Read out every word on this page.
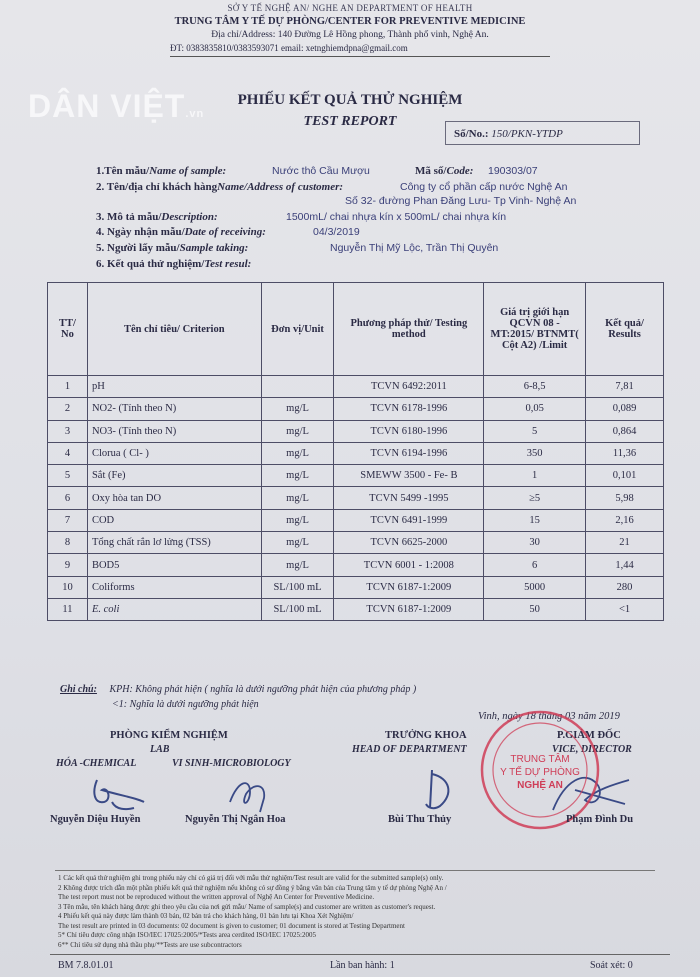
SỞ Y TẾ NGHỆ AN/ NGHE AN DEPARTMENT OF HEALTH
TRUNG TÂM Y TẾ DỰ PHÒNG/CENTER FOR PREVENTIVE MEDICINE
Địa chỉ/Address: 140 Đường Lê Hồng phong, Thành phố vinh, Nghệ An.
ĐT: 0383835810/0383593071 email: xetnghiemdpna@gmail.com
DÂN VIỆT.vn
PHIẾU KẾT QUẢ THỬ NGHIỆM
TEST REPORT
Số/No.: 150/PKN-YTDP
1.Tên mẫu/Name of sample:	Nước thô Cầu Mượu	Mã số/Code: 190303/07
2. Tên/địa chỉ khách hàngName/Address of customer:	Công ty cổ phần cấp nước Nghệ An
Số 32- đường Phan Đăng Lưu- Tp Vinh- Nghệ An
3. Mô tả mẫu/Description:	1500mL/ chai nhựa kín x 500mL/ chai nhựa kín
4. Ngày nhận mẫu/Date of receiving:	04/3/2019
5. Người lấy mẫu/Sample taking:	Nguyễn Thị Mỹ Lộc, Trần Thị Quyên
6. Kết quả thử nghiệm/Test resul:
TT/ No	Tên chỉ tiêu/ Criterion	Đơn vị/Unit	Phương pháp thử/ Testing method	Giá trị giới hạn QCVN 08 - MT:2015/ BTNMT( Cột A2) /Limit	Kết quả/ Results
1	pH		TCVN 6492:2011	6-8,5	7,81
2	NO2- (Tính theo N)	mg/L	TCVN 6178-1996	0,05	0,089
3	NO3- (Tính theo N)	mg/L	TCVN 6180-1996	5	0,864
4	Clorua ( Cl- )	mg/L	TCVN 6194-1996	350	11,36
5	Sắt (Fe)	mg/L	SMEWW 3500 - Fe- B	1	0,101
6	Oxy hòa tan DO	mg/L	TCVN 5499 -1995	≥5	5,98
7	COD	mg/L	TCVN 6491-1999	15	2,16
8	Tổng chất rắn lơ lửng (TSS)	mg/L	TCVN 6625-2000	30	21
9	BOD5	mg/L	TCVN 6001 - 1:2008	6	1,44
10	Coliforms	SL/100 mL	TCVN 6187-1:2009	5000	280
11	E. coli	SL/100 mL	TCVN 6187-1:2009	50	<1
Ghi chú: KPH: Không phát hiện ( nghĩa là dưới ngưỡng phát hiện của phương pháp )
<1: Nghĩa là dưới ngưỡng phát hiện
Vinh, ngày 18 tháng 03 năm 2019
PHÒNG KIỂM NGHIỆM
LAB
HÓA -CHEMICAL	VI SINH-MICROBIOLOGY
TRƯỞNG KHOA
HEAD OF DEPARTMENT
P.GIÁM ĐỐC
VICE, DIRECTOR
TRUNG TÂM
Y TẾ DỰ PHÒNG
NGHỆ AN
Nguyễn Diệu Huyền	Nguyễn Thị Ngân Hoa	Bùi Thu Thủy	Phạm Đình Du
1 Các kết quả thử nghiệm ghi trong phiếu này chỉ có giá trị đối với mẫu thử nghiệm/Test result are valid for the submitted sample(s) only.
2 Không được trích dẫn một phần phiếu kết quả thử nghiệm nếu không có sự đồng ý bằng văn bản của Trung tâm y tế dự phòng Nghệ An /
The test report must not be reproduced without the written approval of Nghệ An Center for Preventive Medicine.
3 Tên mẫu, tên khách hàng được ghi theo yêu cầu của nơi gửi mẫu/ Name of sample(s) and customer are written as customer's request.
4 Phiếu kết quả này được làm thành 03 bản, 02 bản trả cho khách hàng, 01 bản lưu tại Khoa Xét Nghiệm/
The test result are printed in 03 documents: 02 document is given to customer; 01 document is stored at Testing Department
5* Chỉ tiêu được công nhận ISO/IEC 17025:2005/*Tests area cerdited ISO/IEC 17025:2005
6** Chỉ tiêu sử dụng nhà thầu phụ/**Tests are use subcontractors
BM 7.8.01.01	Lần ban hành: 1	Soát xét: 0
